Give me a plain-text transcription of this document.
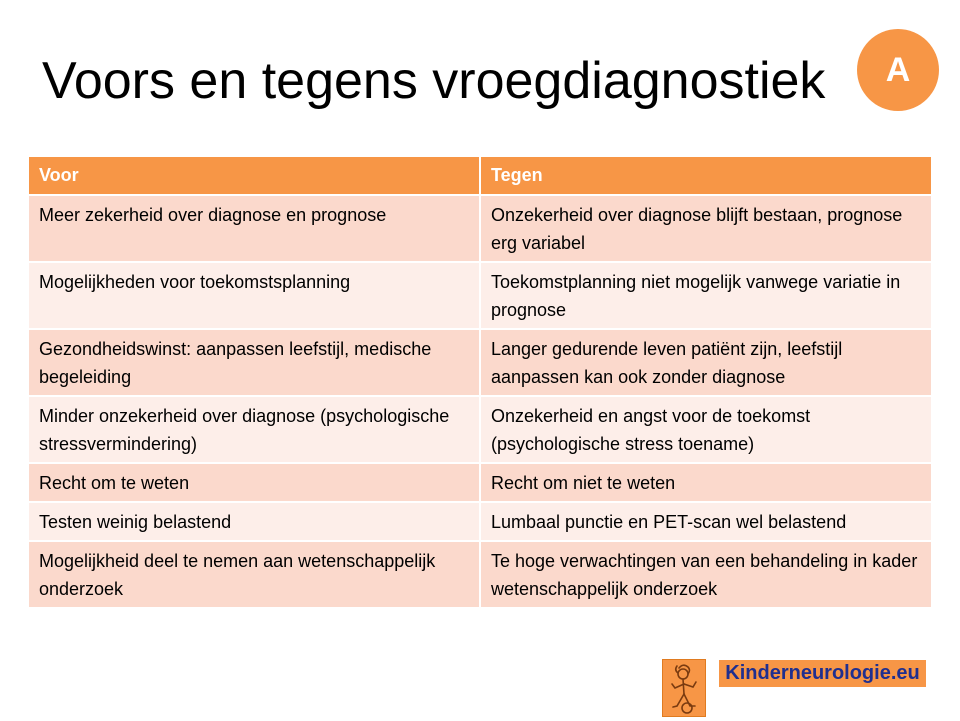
Voors en tegens vroegdiagnostiek	A
Voor	Tegen
Meer zekerheid over diagnose en prognose	Onzekerheid over diagnose blijft bestaan, prognose erg variabel
Mogelijkheden voor toekomstsplanning	Toekomstplanning niet mogelijk vanwege variatie in prognose
Gezondheidswinst: aanpassen leefstijl, medische begeleiding	Langer gedurende leven patiënt zijn, leefstijl aanpassen kan ook zonder diagnose
Minder onzekerheid over diagnose (psychologische stressvermindering)	Onzekerheid en angst voor de toekomst (psychologische stress toename)
Recht om te weten	Recht om niet te weten
Testen weinig belastend	Lumbaal punctie en PET-scan wel belastend
Mogelijkheid deel te nemen aan wetenschappelijk onderzoek	Te hoge verwachtingen van een behandeling in kader wetenschappelijk onderzoek
Kinderneurologie.eu
